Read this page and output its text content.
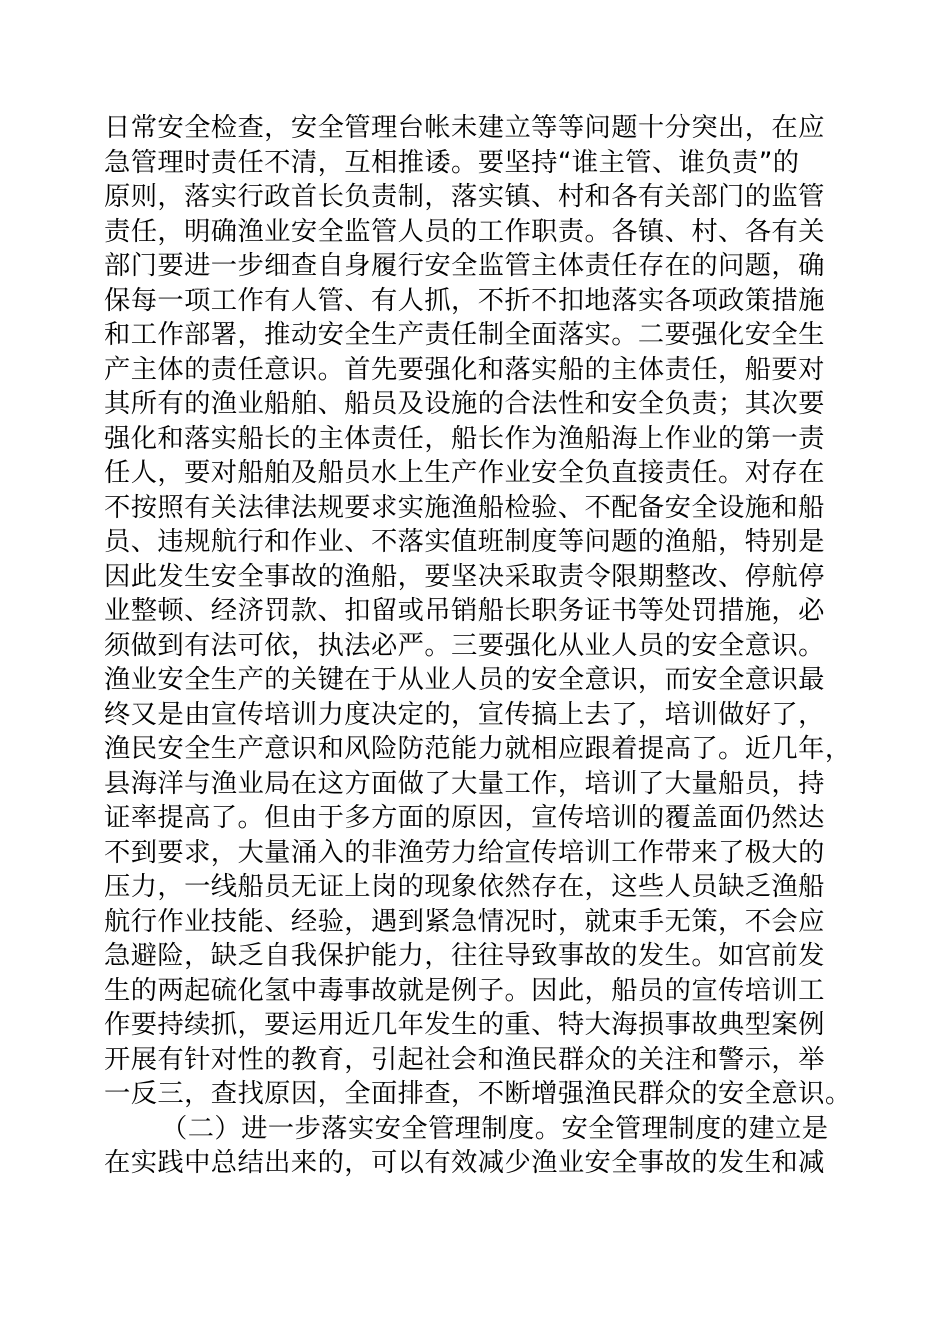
日常安全检查，安全管理台帐未建立等等问题十分突出，在应
急管理时责任不清，互相推诿。要坚持“谁主管、谁负责”的
原则，落实行政首长负责制，落实镇、村和各有关部门的监管
责任，明确渔业安全监管人员的工作职责。各镇、村、各有关
部门要进一步细查自身履行安全监管主体责任存在的问题，确
保每一项工作有人管、有人抓，不折不扣地落实各项政策措施
和工作部署，推动安全生产责任制全面落实。二要强化安全生
产主体的责任意识。首先要强化和落实船的主体责任，船要对
其所有的渔业船舶、船员及设施的合法性和安全负责；其次要
强化和落实船长的主体责任，船长作为渔船海上作业的第一责
任人，要对船舶及船员水上生产作业安全负直接责任。对存在
不按照有关法律法规要求实施渔船检验、不配备安全设施和船
员、违规航行和作业、不落实值班制度等问题的渔船，特别是
因此发生安全事故的渔船，要坚决采取责令限期整改、停航停
业整顿、经济罚款、扣留或吊销船长职务证书等处罚措施，必
须做到有法可依，执法必严。三要强化从业人员的安全意识。
渔业安全生产的关键在于从业人员的安全意识，而安全意识最
终又是由宣传培训力度决定的，宣传搞上去了，培训做好了，
渔民安全生产意识和风险防范能力就相应跟着提高了。近几年，
县海洋与渔业局在这方面做了大量工作，培训了大量船员，持
证率提高了。但由于多方面的原因，宣传培训的覆盖面仍然达
不到要求，大量涌入的非渔劳力给宣传培训工作带来了极大的
压力，一线船员无证上岗的现象依然存在，这些人员缺乏渔船
航行作业技能、经验，遇到紧急情况时，就束手无策，不会应
急避险，缺乏自我保护能力，往往导致事故的发生。如宫前发
生的两起硫化氢中毒事故就是例子。因此，船员的宣传培训工
作要持续抓，要运用近几年发生的重、特大海损事故典型案例
开展有针对性的教育，引起社会和渔民群众的关注和警示，举
一反三，查找原因，全面排查，不断增强渔民群众的安全意识。
（二）进一步落实安全管理制度。安全管理制度的建立是
在实践中总结出来的，可以有效减少渔业安全事故的发生和减
